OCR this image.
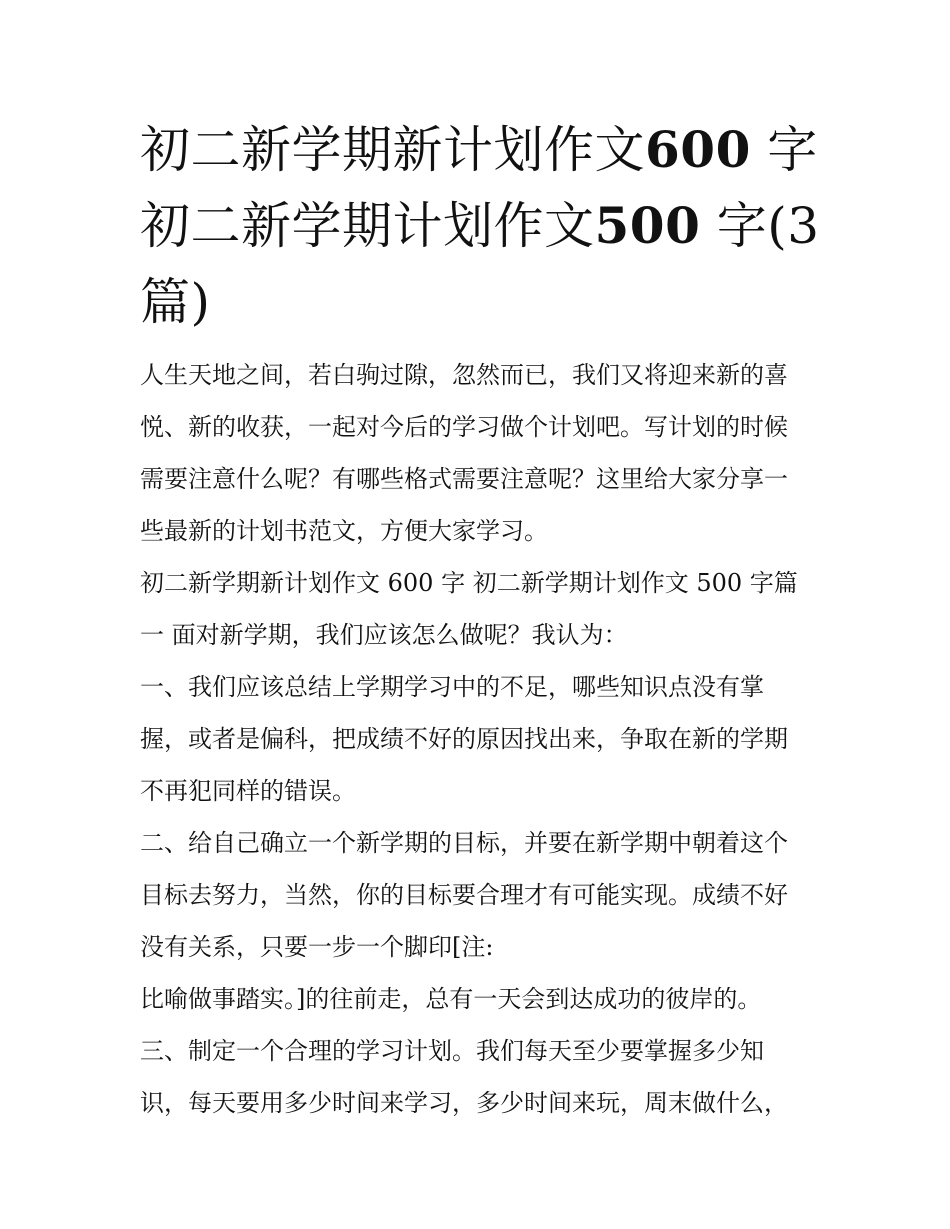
初二新学期新计划作文600 字
初二新学期计划作文500 字(3
篇)
人生天地之间，若白驹过隙，忽然而已，我们又将迎来新的喜
悦、新的收获，一起对今后的学习做个计划吧。写计划的时候
需要注意什么呢？有哪些格式需要注意呢？这里给大家分享一
些最新的计划书范文，方便大家学习。
初二新学期新计划作文 600 字 初二新学期计划作文 500 字篇
一 面对新学期，我们应该怎么做呢？我认为：
一、我们应该总结上学期学习中的不足，哪些知识点没有掌
握，或者是偏科，把成绩不好的原因找出来，争取在新的学期
不再犯同样的错误。
二、给自己确立一个新学期的目标，并要在新学期中朝着这个
目标去努力，当然，你的目标要合理才有可能实现。成绩不好
没有关系，只要一步一个脚印[注:
比喻做事踏实。]的往前走，总有一天会到达成功的彼岸的。
三、制定一个合理的学习计划。我们每天至少要掌握多少知
识，每天要用多少时间来学习，多少时间来玩，周末做什么，
